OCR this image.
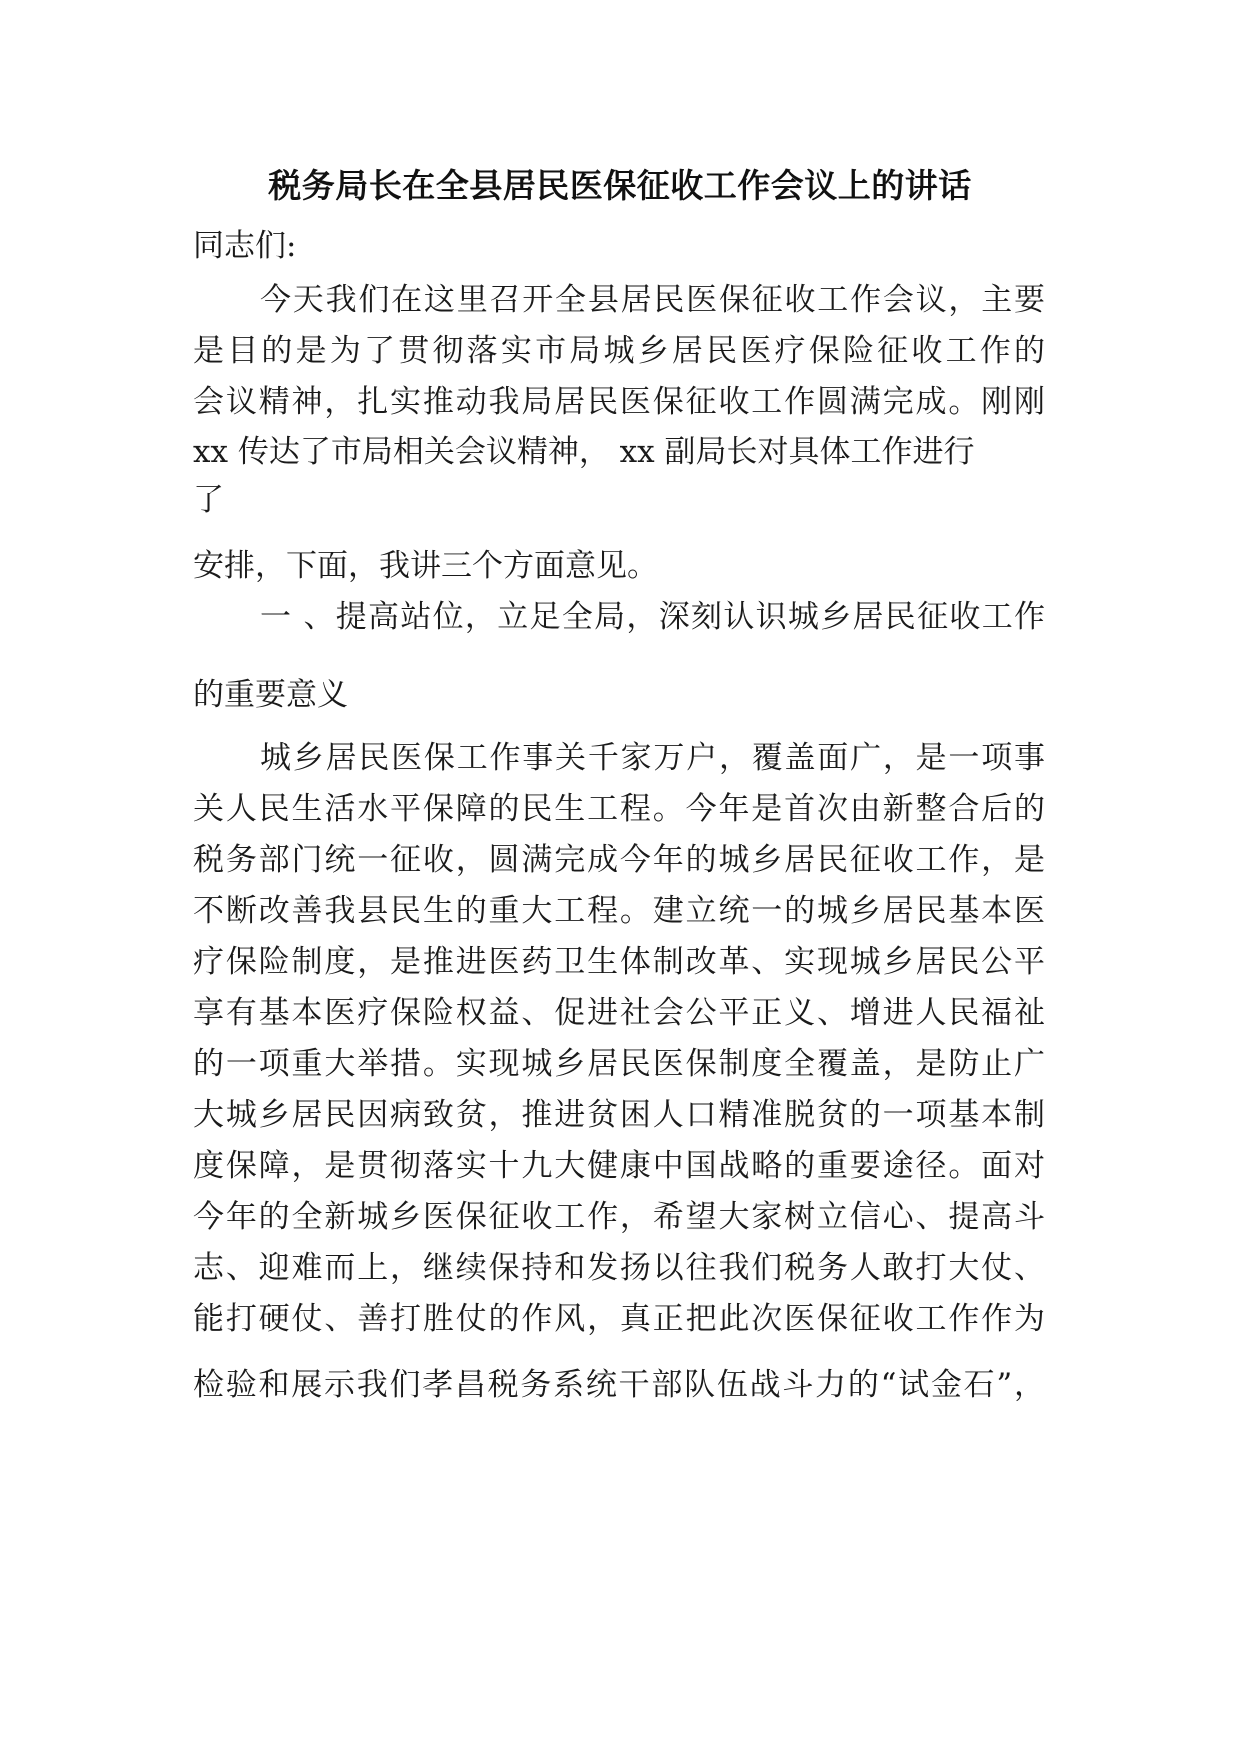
税务局长在全县居民医保征收工作会议上的讲话
同志们:
今天我们在这里召开全县居民医保征收工作会议，主要
是目的是为了贯彻落实市局城乡居民医疗保险征收工作的
会议精神，扎实推动我局居民医保征收工作圆满完成。刚刚
xx 传达了市局相关会议精神， xx 副局长对具体工作进行
了
安排，下面，我讲三个方面意见。
一 、提高站位，立足全局，深刻认识城乡居民征收工作
的重要意义
城乡居民医保工作事关千家万户，覆盖面广，是一项事
关人民生活水平保障的民生工程。今年是首次由新整合后的
税务部门统一征收，圆满完成今年的城乡居民征收工作，是
不断改善我县民生的重大工程。建立统一的城乡居民基本医
疗保险制度，是推进医药卫生体制改革、实现城乡居民公平
享有基本医疗保险权益、促进社会公平正义、增进人民福祉
的一项重大举措。实现城乡居民医保制度全覆盖，是防止广
大城乡居民因病致贫，推进贫困人口精准脱贫的一项基本制
度保障，是贯彻落实十九大健康中国战略的重要途径。面对
今年的全新城乡医保征收工作，希望大家树立信心、提高斗
志、迎难而上，继续保持和发扬以往我们税务人敢打大仗、
能打硬仗、善打胜仗的作风，真正把此次医保征收工作作为
检验和展示我们孝昌税务系统干部队伍战斗力的“试金石”，
